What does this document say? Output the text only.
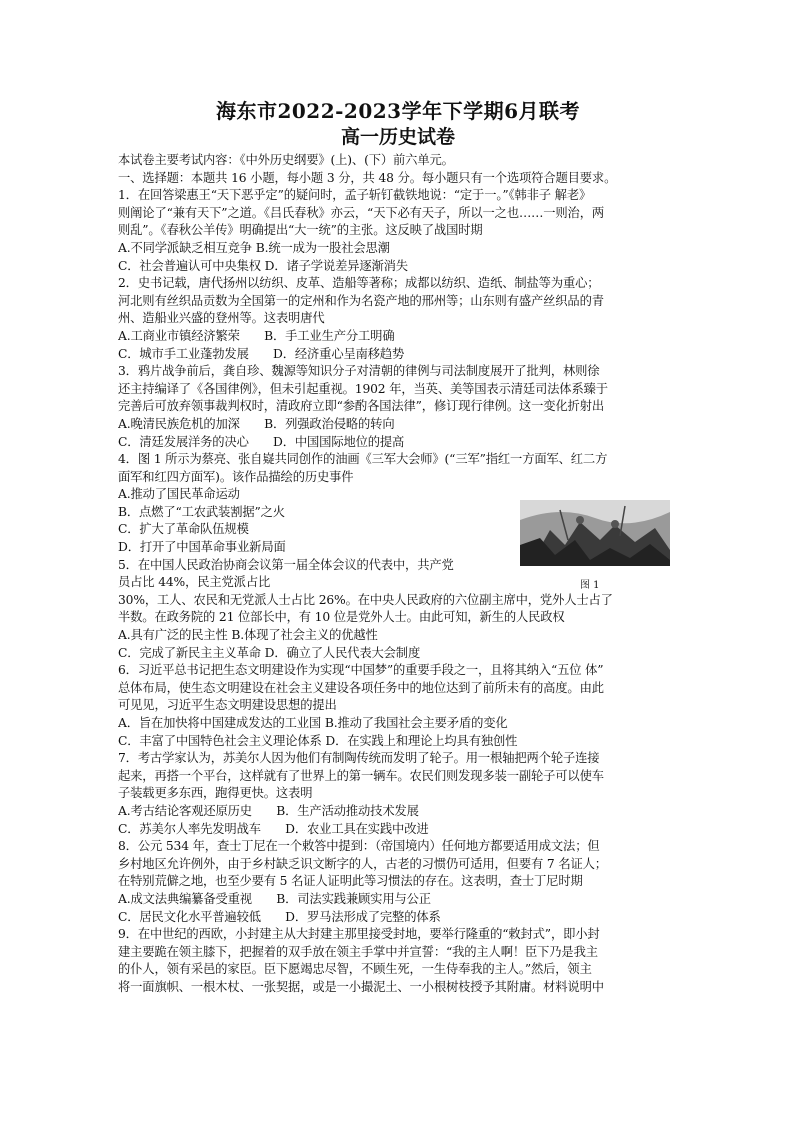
海东市2022-2023学年下学期6月联考
高一历史试卷
本试卷主要考试内容：《中外历史纲要》(上)、(下）前六单元。
一、选择题：本题共 16 小题，每小题 3 分，共 48 分。每小题只有一个选项符合题目要求。
1．在回答梁惠王“天下恶乎定”的疑问时，孟子斩钉截铁地说：“定于一。”《韩非子 解老》
则阐论了“兼有天下”之道。《吕氏春秋》亦云，“天下必有天子，所以一之也……一则治，两
则乱”。《春秋公羊传》明确提出“大一统”的主张。这反映了战国时期
A.不同学派缺乏相互竞争 B.统一成为一股社会思潮
C．社会普遍认可中央集权 D．诸子学说差异逐渐消失
2．史书记载，唐代扬州以纺织、皮革、造船等著称；成都以纺织、造纸、制盐等为重心；
河北则有丝织品贡数为全国第一的定州和作为名瓷产地的邢州等；山东则有盛产丝织品的青
州、造船业兴盛的登州等。这表明唐代
A.工商业市镇经济繁荣　　B．手工业生产分工明确
C．城市手工业蓬勃发展　　D．经济重心呈南移趋势
3．鸦片战争前后，龚自珍、魏源等知识分子对清朝的律例与司法制度展开了批判，林则徐
还主持编译了《各国律例》，但未引起重视。1902 年，当英、美等国表示清廷司法体系臻于
完善后可放弃领事裁判权时，清政府立即“参酌各国法律”，修订现行律例。这一变化折射出
A.晚清民族危机的加深　　B．列强政治侵略的转向
C．清廷发展洋务的决心　　D．中国国际地位的提高
4．图 1 所示为蔡亮、张自嶷共同创作的油画《三军大会师》(“三军”指红一方面军、红二方
面军和红四方面军)。该作品描绘的历史事件
A.推动了国民革命运动
B．点燃了“工农武装割据”之火
C．扩大了革命队伍规模
D．打开了中国革命事业新局面
5．在中国人民政治协商会议第一届全体会议的代表中，共产党
员占比 44%，民主党派占比
30%，工人、农民和无党派人士占比 26%。在中央人民政府的六位副主席中，党外人士占了
半数。在政务院的 21 位部长中，有 10 位是党外人士。由此可知，新生的人民政权
A.具有广泛的民主性 B.体现了社会主义的优越性
C．完成了新民主主义革命 D．确立了人民代表大会制度
6．习近平总书记把生态文明建设作为实现“中国梦”的重要手段之一，且将其纳入“五位 体”
总体布局，使生态文明建设在社会主义建设各项任务中的地位达到了前所未有的高度。由此
可见见，习近平生态文明建设思想的提出
A．旨在加快将中国建成发达的工业国 B.推动了我国社会主要矛盾的变化
C．丰富了中国特色社会主义理论体系 D．在实践上和理论上均具有独创性
7．考古学家认为，苏美尔人因为他们有制陶传统而发明了轮子。用一根轴把两个轮子连接
起来，再搭一个平台，这样就有了世界上的第一辆车。农民们则发现多装一副轮子可以使车
子装载更多东西，跑得更快。这表明
A.考古结论客观还原历史　　B．生产活动推动技术发展
C．苏美尔人率先发明战车　　D．农业工具在实践中改进
8．公元 534 年，查士丁尼在一个敕答中提到：（帝国境内）任何地方都要适用成文法；但
乡村地区允许例外，由于乡村缺乏识文断字的人，古老的习惯仍可适用，但要有 7 名证人；
在特别荒僻之地，也至少要有 5 名证人证明此等习惯法的存在。这表明，查士丁尼时期
A.成文法典编纂备受重视　　B．司法实践兼顾实用与公正
C．居民文化水平普遍较低　　D．罗马法形成了完整的体系
9．在中世纪的西欧，小封建主从大封建主那里接受封地，要举行隆重的“敕封式”，即小封
建主要跪在领主膝下，把握着的双手放在领主手掌中并宣誓：“我的主人啊！臣下乃是我主
的仆人，领有采邑的家臣。臣下愿竭忠尽智，不顾生死，一生侍奉我的主人。”然后，领主
将一面旗帜、一根木杖、一张契据，或是一小撮泥土、一小根树枝授予其附庸。材料说明中
图 1
